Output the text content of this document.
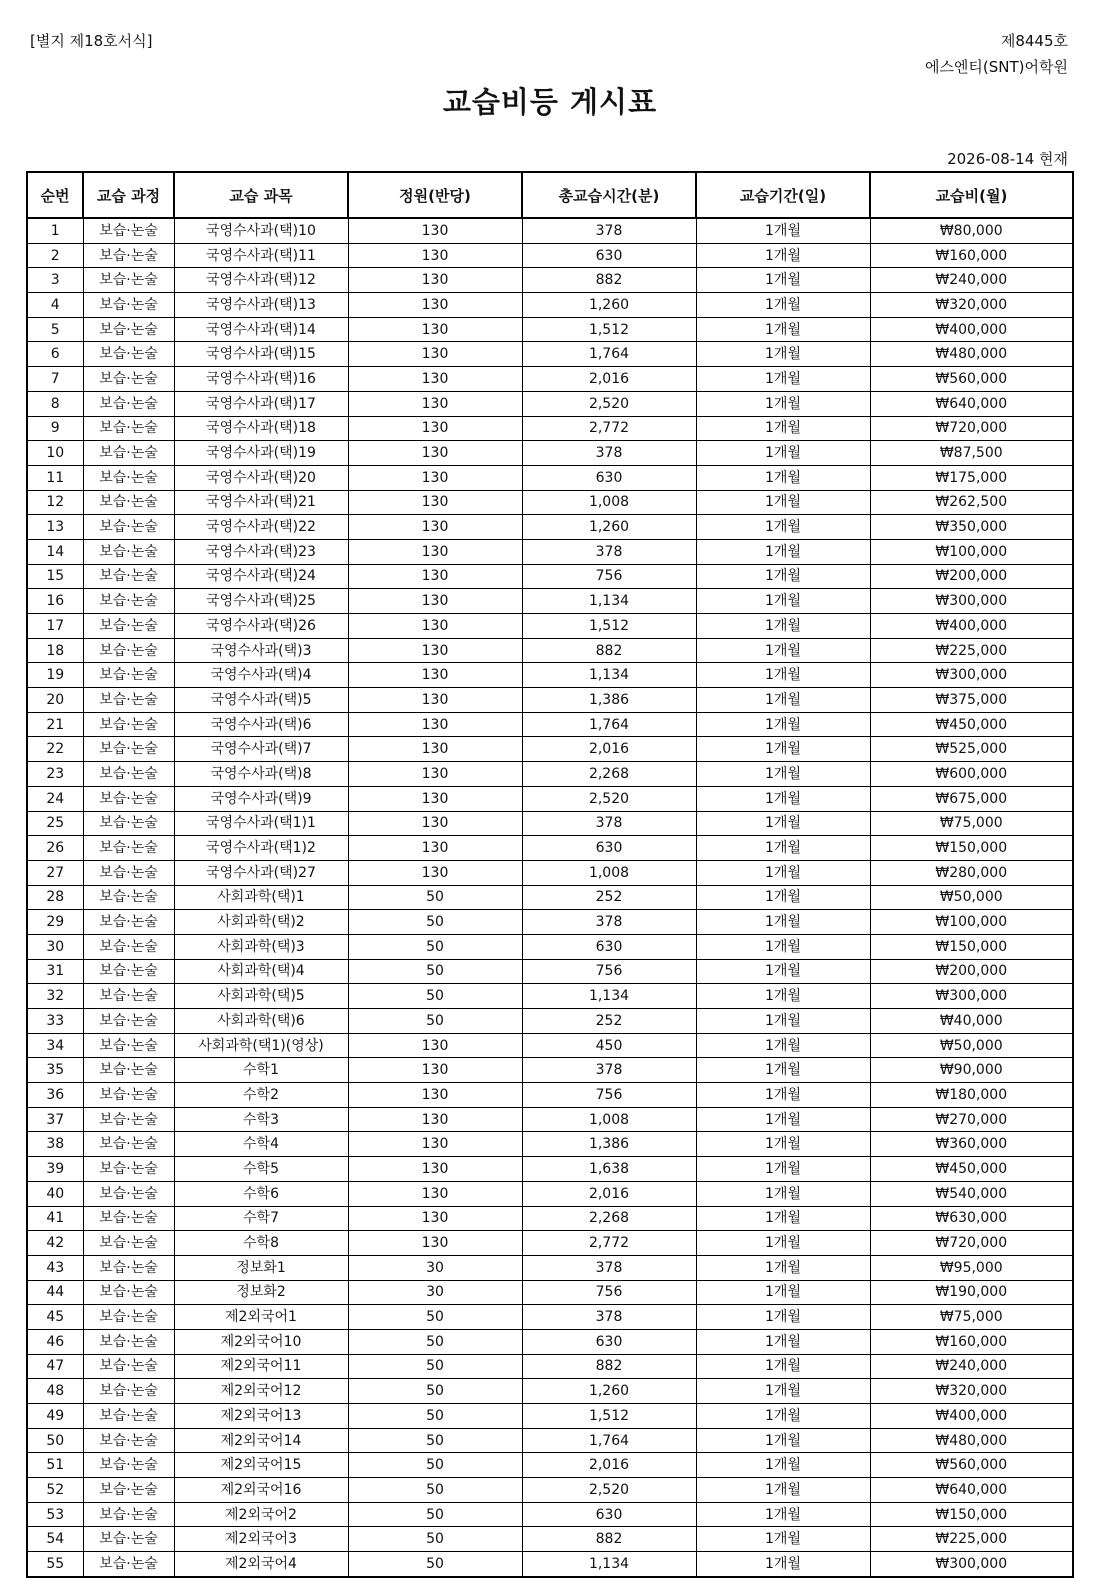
[별지 제18호서식]	제8445호
에스엔티(SNT)어학원
교습비등 게시표
2026-08-14 현재
순번	교습 과정	교습 과목	정원(반당)	총교습시간(분)	교습기간(일)	교습비(월)
1	보습·논술	국영수사과(택)10	130	378	1개월	₩80,000
2	보습·논술	국영수사과(택)11	130	630	1개월	₩160,000
3	보습·논술	국영수사과(택)12	130	882	1개월	₩240,000
4	보습·논술	국영수사과(택)13	130	1,260	1개월	₩320,000
5	보습·논술	국영수사과(택)14	130	1,512	1개월	₩400,000
6	보습·논술	국영수사과(택)15	130	1,764	1개월	₩480,000
7	보습·논술	국영수사과(택)16	130	2,016	1개월	₩560,000
8	보습·논술	국영수사과(택)17	130	2,520	1개월	₩640,000
9	보습·논술	국영수사과(택)18	130	2,772	1개월	₩720,000
10	보습·논술	국영수사과(택)19	130	378	1개월	₩87,500
11	보습·논술	국영수사과(택)20	130	630	1개월	₩175,000
12	보습·논술	국영수사과(택)21	130	1,008	1개월	₩262,500
13	보습·논술	국영수사과(택)22	130	1,260	1개월	₩350,000
14	보습·논술	국영수사과(택)23	130	378	1개월	₩100,000
15	보습·논술	국영수사과(택)24	130	756	1개월	₩200,000
16	보습·논술	국영수사과(택)25	130	1,134	1개월	₩300,000
17	보습·논술	국영수사과(택)26	130	1,512	1개월	₩400,000
18	보습·논술	국영수사과(택)3	130	882	1개월	₩225,000
19	보습·논술	국영수사과(택)4	130	1,134	1개월	₩300,000
20	보습·논술	국영수사과(택)5	130	1,386	1개월	₩375,000
21	보습·논술	국영수사과(택)6	130	1,764	1개월	₩450,000
22	보습·논술	국영수사과(택)7	130	2,016	1개월	₩525,000
23	보습·논술	국영수사과(택)8	130	2,268	1개월	₩600,000
24	보습·논술	국영수사과(택)9	130	2,520	1개월	₩675,000
25	보습·논술	국영수사과(택1)1	130	378	1개월	₩75,000
26	보습·논술	국영수사과(택1)2	130	630	1개월	₩150,000
27	보습·논술	국영수사과(택)27	130	1,008	1개월	₩280,000
28	보습·논술	사회과학(택)1	50	252	1개월	₩50,000
29	보습·논술	사회과학(택)2	50	378	1개월	₩100,000
30	보습·논술	사회과학(택)3	50	630	1개월	₩150,000
31	보습·논술	사회과학(택)4	50	756	1개월	₩200,000
32	보습·논술	사회과학(택)5	50	1,134	1개월	₩300,000
33	보습·논술	사회과학(택)6	50	252	1개월	₩40,000
34	보습·논술	사회과학(택1)(영상)	130	450	1개월	₩50,000
35	보습·논술	수학1	130	378	1개월	₩90,000
36	보습·논술	수학2	130	756	1개월	₩180,000
37	보습·논술	수학3	130	1,008	1개월	₩270,000
38	보습·논술	수학4	130	1,386	1개월	₩360,000
39	보습·논술	수학5	130	1,638	1개월	₩450,000
40	보습·논술	수학6	130	2,016	1개월	₩540,000
41	보습·논술	수학7	130	2,268	1개월	₩630,000
42	보습·논술	수학8	130	2,772	1개월	₩720,000
43	보습·논술	정보화1	30	378	1개월	₩95,000
44	보습·논술	정보화2	30	756	1개월	₩190,000
45	보습·논술	제2외국어1	50	378	1개월	₩75,000
46	보습·논술	제2외국어10	50	630	1개월	₩160,000
47	보습·논술	제2외국어11	50	882	1개월	₩240,000
48	보습·논술	제2외국어12	50	1,260	1개월	₩320,000
49	보습·논술	제2외국어13	50	1,512	1개월	₩400,000
50	보습·논술	제2외국어14	50	1,764	1개월	₩480,000
51	보습·논술	제2외국어15	50	2,016	1개월	₩560,000
52	보습·논술	제2외국어16	50	2,520	1개월	₩640,000
53	보습·논술	제2외국어2	50	630	1개월	₩150,000
54	보습·논술	제2외국어3	50	882	1개월	₩225,000
55	보습·논술	제2외국어4	50	1,134	1개월	₩300,000
